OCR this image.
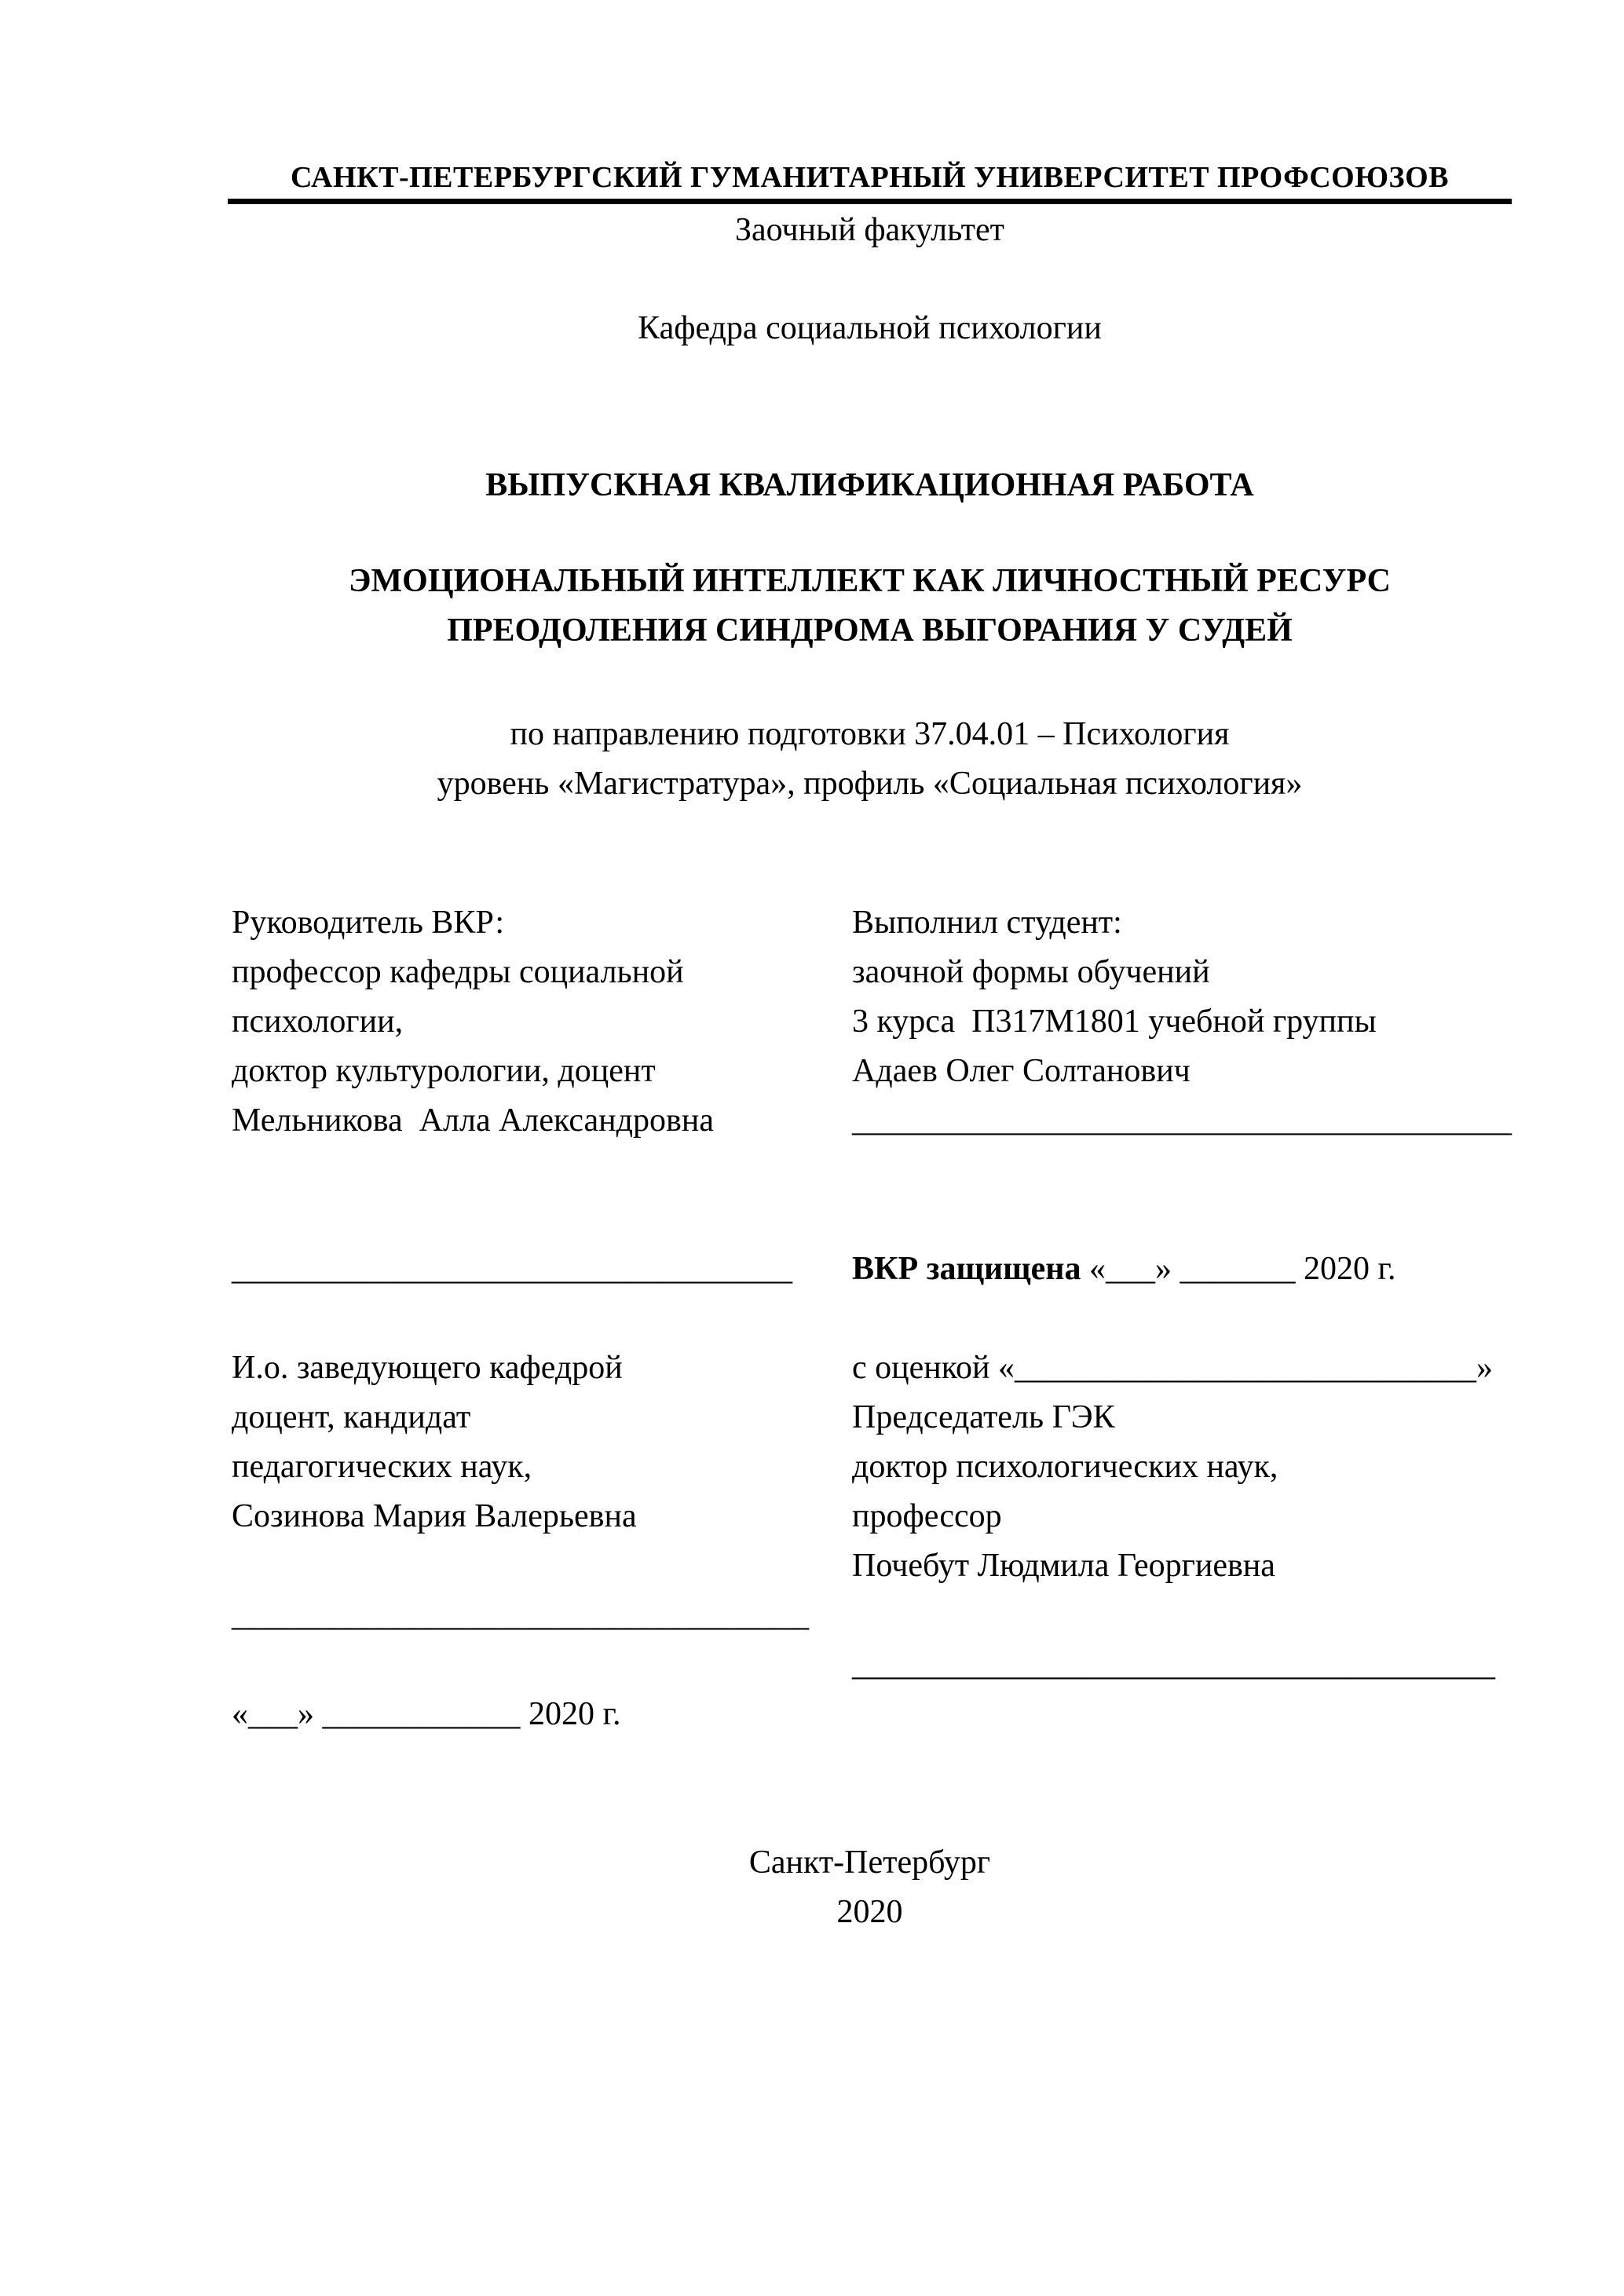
САНКТ-ПЕТЕРБУРГСКИЙ ГУМАНИТАРНЫЙ УНИВЕРСИТЕТ ПРОФСОЮЗОВ
Заочный факультет
Кафедра социальной психологии
ВЫПУСКНАЯ КВАЛИФИКАЦИОННАЯ РАБОТА
ЭМОЦИОНАЛЬНЫЙ ИНТЕЛЛЕКТ КАК ЛИЧНОСТНЫЙ РЕСУРС
ПРЕОДОЛЕНИЯ СИНДРОМА ВЫГОРАНИЯ У СУДЕЙ
по направлению подготовки 37.04.01 – Психология
уровень «Магистратура», профиль «Социальная психология»
Руководитель ВКР:
профессор кафедры социальной
психологии,
доктор культурологии, доцент
Мельникова  Алла Александровна
Выполнил студент:
заочной формы обучений
3 курса  П317М1801 учебной группы
Адаев Олег Солтанович
________________________________________
__________________________________	ВКР защищена «___» _______ 2020 г.
И.о. заведующего кафедрой	с оценкой «____________________________»
доцент, кандидат	Председатель ГЭК
педагогических наук,	доктор психологических наук,
Созинова Мария Валерьевна	профессор
Почебут Людмила Георгиевна
___________________________________
_______________________________________
«___» ____________ 2020 г.
Санкт-Петербург
2020
